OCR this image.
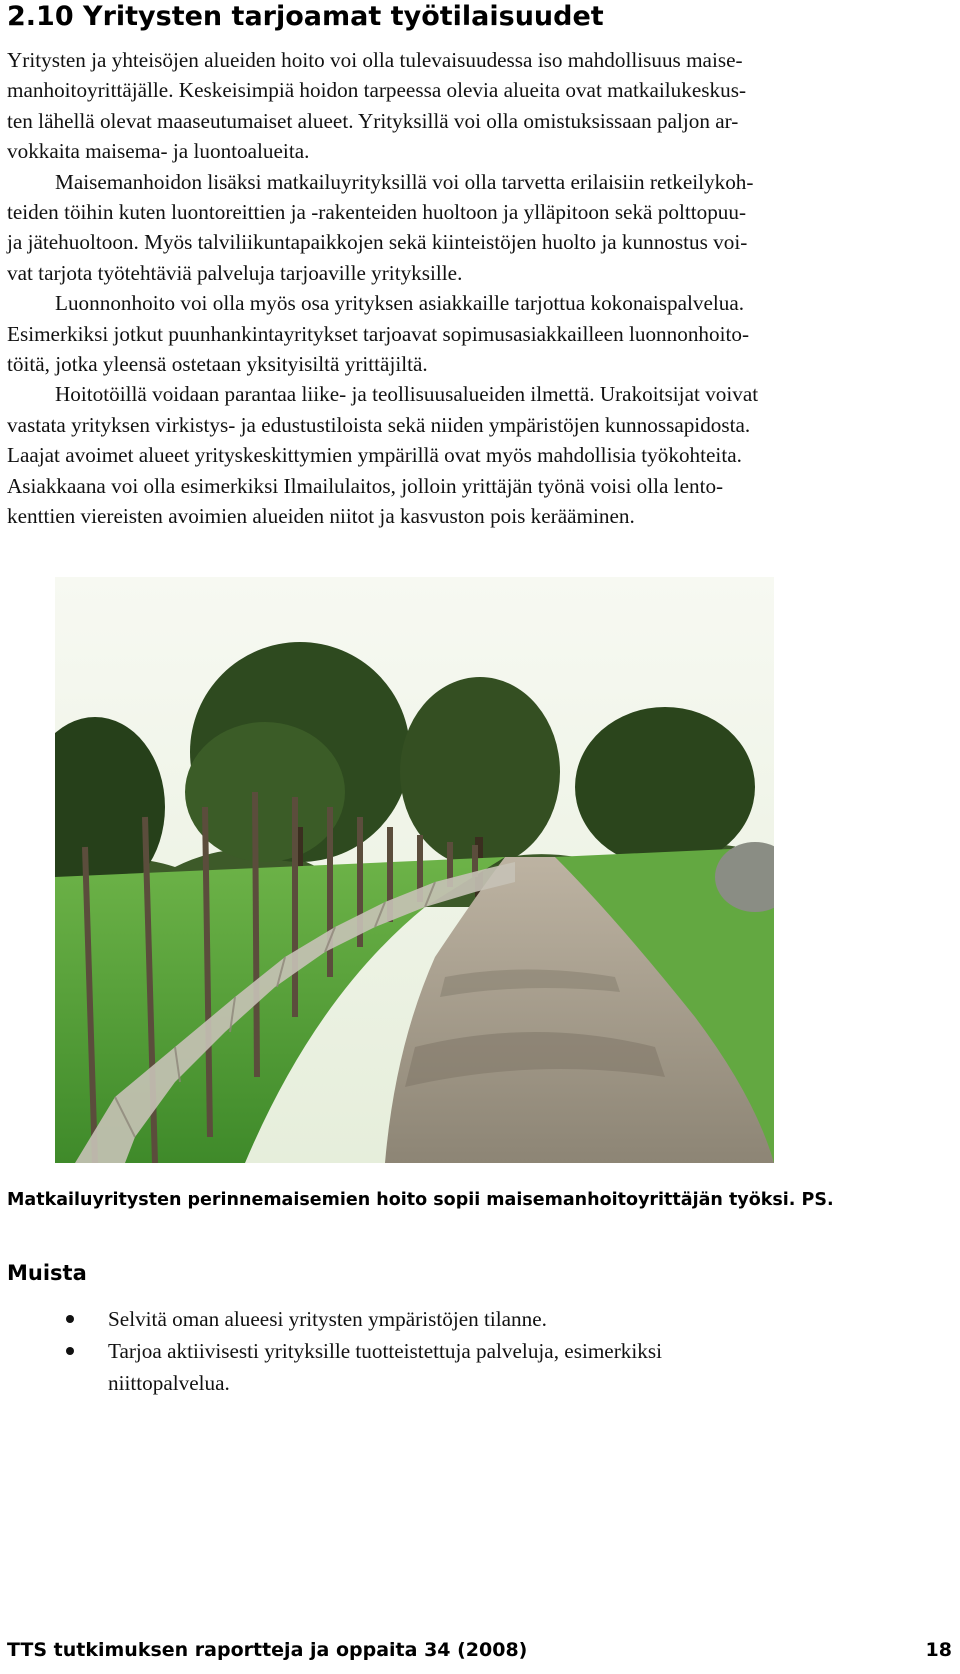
2.10 Yritysten tarjoamat työtilaisuudet

Yritysten ja yhteisöjen alueiden hoito voi olla tulevaisuudessa iso mahdollisuus maise-
manhoitoyrittäjälle. Keskeisimpiä hoidon tarpeessa olevia alueita ovat matkailukeskus-
ten lähellä olevat maaseutumaiset alueet. Yrityksillä voi olla omistuksissaan paljon ar-
vokkaita maisema- ja luontoalueita.

Maisemanhoidon lisäksi matkailuyrityksillä voi olla tarvetta erilaisiin retkeilykoh-
teiden töihin kuten luontoreittien ja -rakenteiden huoltoon ja ylläpitoon sekä polttopuu-
ja jätehuoltoon. Myös talviliikuntapaikkojen sekä kiinteistöjen huolto ja kunnostus voi-
vat tarjota työtehtäviä palveluja tarjoaville yrityksille.

Luonnonhoito voi olla myös osa yrityksen asiakkaille tarjottua kokonaispalvelua.
Esimerkiksi jotkut puunhankintayritykset tarjoavat sopimusasiakkailleen luonnonhoito-
töitä, jotka yleensä ostetaan yksityisiltä yrittäjiltä.

Hoitotöillä voidaan parantaa liike- ja teollisuusalueiden ilmettä. Urakoitsijat voivat
vastata yrityksen virkistys- ja edustustiloista sekä niiden ympäristöjen kunnossapidosta.
Laajat avoimet alueet yrityskeskittymien ympärillä ovat myös mahdollisia työkohteita.
Asiakkaana voi olla esimerkiksi Ilmailulaitos, jolloin yrittäjän työnä voisi olla lento-
kenttien viereisten avoimien alueiden niitot ja kasvuston pois kerääminen.

Matkailuyritysten perinnemaisemien hoito sopii maisemanhoitoyrittäjän työksi. PS.
Muista
Selvitä oman alueesi yritysten ympäristöjen tilanne.
Tarjoa aktiivisesti yrityksille tuotteistettuja palveluja, esimerkiksi
niittopalvelua.
TTS tutkimuksen raportteja ja oppaita 34 (2008)	18
